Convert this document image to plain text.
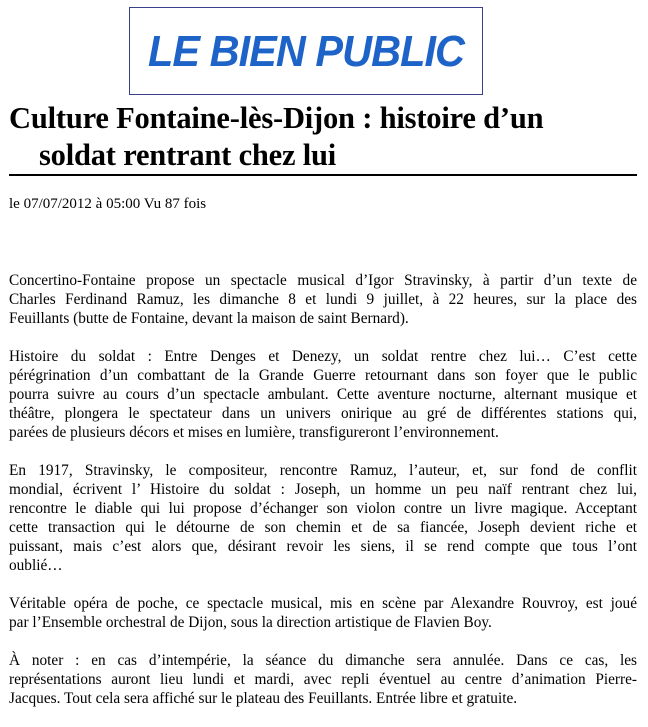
LE BIEN PUBLIC
Culture Fontaine-lès-Dijon : histoire d’un
soldat rentrant chez lui
le 07/07/2012 à 05:00 Vu 87 fois

Concertino-Fontaine propose un spectacle musical d’Igor Stravinsky, à partir d’un texte de
Charles Ferdinand Ramuz, les dimanche 8 et lundi 9 juillet, à 22 heures, sur la place des
Feuillants (butte de Fontaine, devant la maison de saint Bernard).

Histoire du soldat : Entre Denges et Denezy, un soldat rentre chez lui… C’est cette
pérégrination d’un combattant de la Grande Guerre retournant dans son foyer que le public
pourra suivre au cours d’un spectacle ambulant. Cette aventure nocturne, alternant musique et
théâtre, plongera le spectateur dans un univers onirique au gré de différentes stations qui,
parées de plusieurs décors et mises en lumière, transfigureront l’environnement.

En 1917, Stravinsky, le compositeur, rencontre Ramuz, l’auteur, et, sur fond de conflit
mondial, écrivent l’ Histoire du soldat : Joseph, un homme un peu naïf rentrant chez lui,
rencontre le diable qui lui propose d’échanger son violon contre un livre magique. Acceptant
cette transaction qui le détourne de son chemin et de sa fiancée, Joseph devient riche et
puissant, mais c’est alors que, désirant revoir les siens, il se rend compte que tous l’ont
oublié…

Véritable opéra de poche, ce spectacle musical, mis en scène par Alexandre Rouvroy, est joué
par l’Ensemble orchestral de Dijon, sous la direction artistique de Flavien Boy.

À noter : en cas d’intempérie, la séance du dimanche sera annulée. Dans ce cas, les
représentations auront lieu lundi et mardi, avec repli éventuel au centre d’animation Pierre-
Jacques. Tout cela sera affiché sur le plateau des Feuillants. Entrée libre et gratuite.
